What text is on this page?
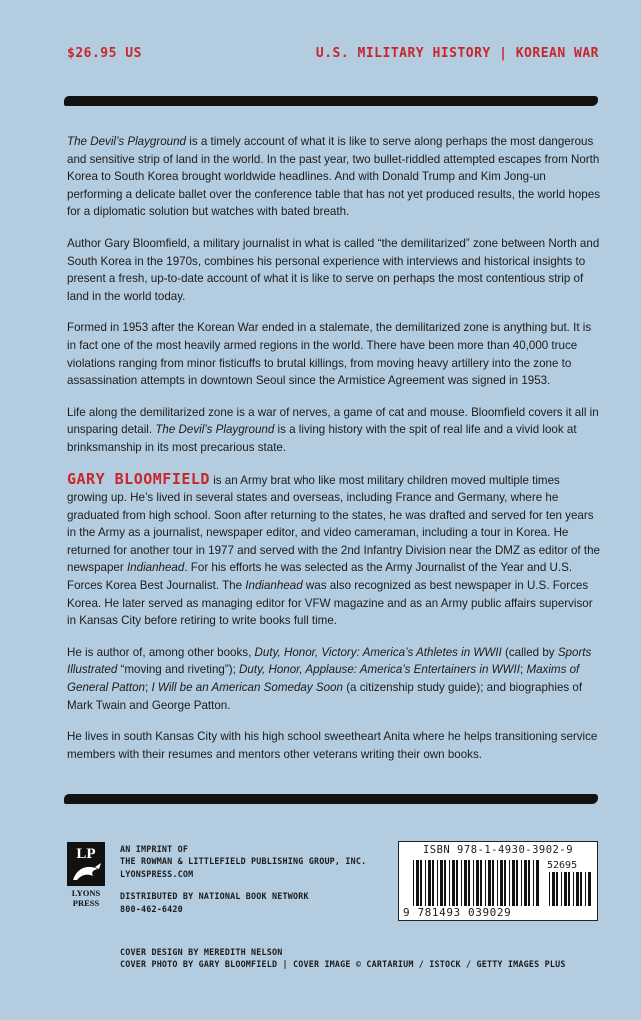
$26.95 US	U.S. MILITARY HISTORY | KOREAN WAR

The Devil’s Playground is a timely account of what it is like to serve along perhaps the most dangerous and sensitive strip of land in the world. In the past year, two bullet-riddled attempted escapes from North Korea to South Korea brought worldwide headlines. And with Donald Trump and Kim Jong-un performing a delicate ballet over the conference table that has not yet produced results, the world hopes for a diplomatic solution but watches with bated breath.

Author Gary Bloomfield, a military journalist in what is called “the demilitarized” zone between North and South Korea in the 1970s, combines his personal experience with interviews and historical insights to present a fresh, up-to-date account of what it is like to serve on perhaps the most contentious strip of land in the world today.

Formed in 1953 after the Korean War ended in a stalemate, the demilitarized zone is anything but. It is in fact one of the most heavily armed regions in the world. There have been more than 40,000 truce violations ranging from minor fisticuffs to brutal killings, from moving heavy artillery into the zone to assassination attempts in downtown Seoul since the Armistice Agreement was signed in 1953.

Life along the demilitarized zone is a war of nerves, a game of cat and mouse. Bloomfield covers it all in unsparing detail. The Devil’s Playground is a living history with the spit of real life and a vivid look at brinksmanship in its most precarious state.

GARY BLOOMFIELD is an Army brat who like most military children moved multiple times growing up. He’s lived in several states and overseas, including France and Germany, where he graduated from high school. Soon after returning to the states, he was drafted and served for ten years in the Army as a journalist, newspaper editor, and video cameraman, including a tour in Korea. He returned for another tour in 1977 and served with the 2nd Infantry Division near the DMZ as editor of the newspaper Indianhead. For his efforts he was selected as the Army Journalist of the Year and U.S. Forces Korea Best Journalist. The Indianhead was also recognized as best newspaper in U.S. Forces Korea. He later served as managing editor for VFW magazine and as an Army public affairs supervisor in Kansas City before retiring to write books full time.

He is author of, among other books, Duty, Honor, Victory: America’s Athletes in WWII (called by Sports Illustrated “moving and riveting”); Duty, Honor, Applause: America’s Entertainers in WWII; Maxims of General Patton; I Will be an American Someday Soon (a citizenship study guide); and biographies of Mark Twain and George Patton.

He lives in south Kansas City with his high school sweetheart Anita where he helps transitioning service members with their resumes and mentors other veterans writing their own books.

LP
LYONS
PRESS
AN IMPRINT OF
THE ROWMAN & LITTLEFIELD PUBLISHING GROUP, INC.
LYONSPRESS.COM
DISTRIBUTED BY NATIONAL BOOK NETWORK
800-462-6420
COVER DESIGN BY MEREDITH NELSON
COVER PHOTO BY GARY BLOOMFIELD | COVER IMAGE © CARTARIUM / ISTOCK / GETTY IMAGES PLUS
ISBN 978-1-4930-3902-9
52695
9 781493 039029
